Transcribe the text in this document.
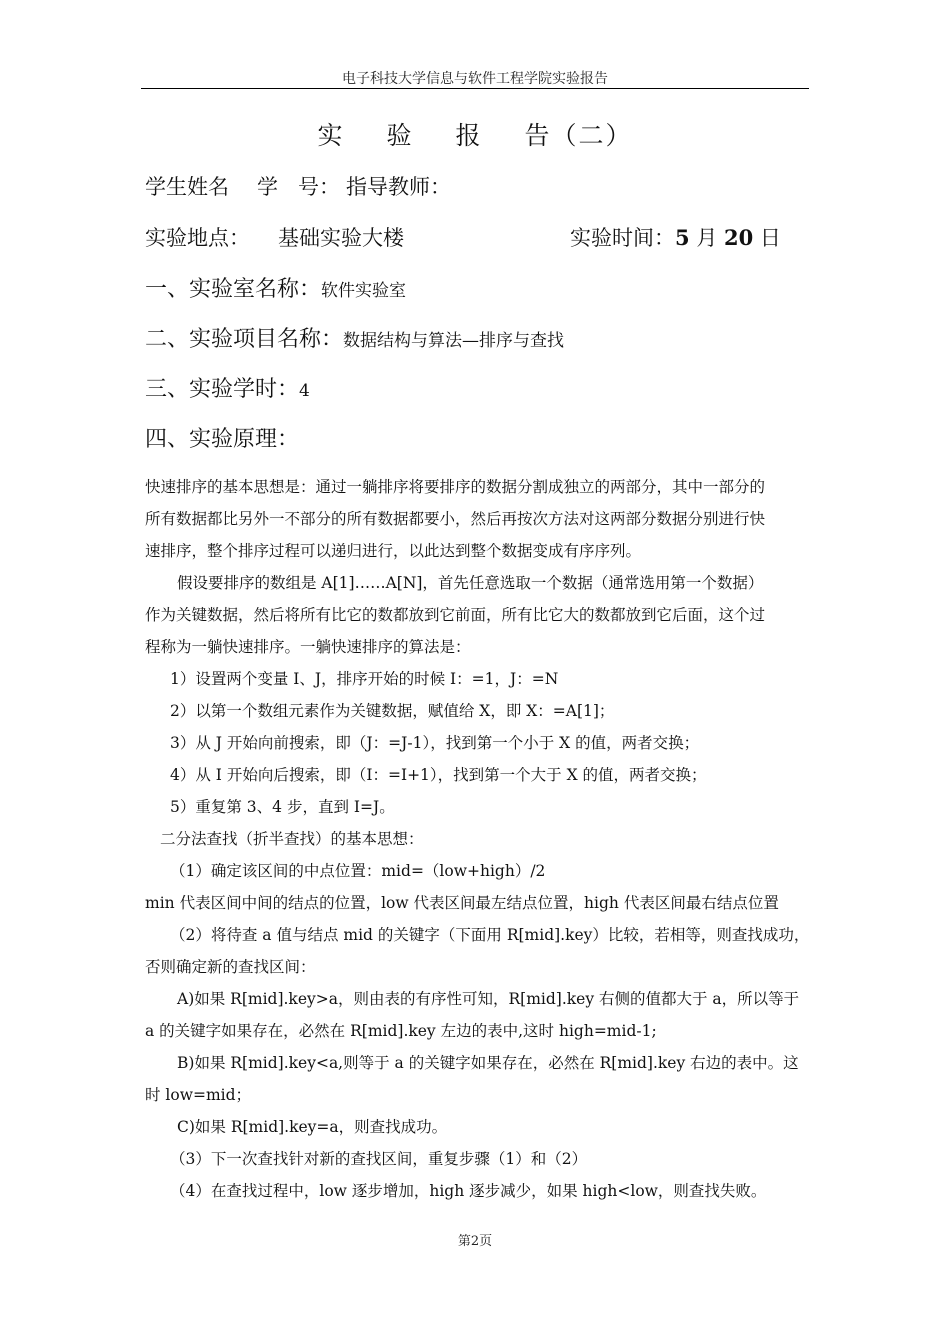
电子科技大学信息与软件工程学院实验报告
实 验 报 告（二）
学生姓名 学   号： 指导教师：
实验地点： 基础实验大楼	实验时间：5 月 20 日
一、实验室名称：软件实验室
二、实验项目名称：数据结构与算法—排序与查找
三、实验学时：4
四、实验原理：
快速排序的基本思想是：通过一躺排序将要排序的数据分割成独立的两部分，其中一部分的
所有数据都比另外一不部分的所有数据都要小，然后再按次方法对这两部分数据分别进行快
速排序，整个排序过程可以递归进行，以此达到整个数据变成有序序列。
假设要排序的数组是 A[1]……A[N]，首先任意选取一个数据（通常选用第一个数据）
作为关键数据，然后将所有比它的数都放到它前面，所有比它大的数都放到它后面，这个过
程称为一躺快速排序。一躺快速排序的算法是：
1）设置两个变量 I、J，排序开始的时候 I：=1，J：=N
2）以第一个数组元素作为关键数据，赋值给 X，即 X：=A[1]；
3）从 J 开始向前搜索，即（J：=J-1），找到第一个小于 X 的值，两者交换；
4）从 I 开始向后搜索，即（I：=I+1），找到第一个大于 X 的值，两者交换；
5）重复第 3、4 步，直到 I=J。
二分法查找（折半查找）的基本思想：
（1）确定该区间的中点位置：mid=（low+high）/2
min 代表区间中间的结点的位置，low 代表区间最左结点位置，high 代表区间最右结点位置
（2）将待查 a 值与结点 mid 的关键字（下面用 R[mid].key）比较，若相等，则查找成功，
否则确定新的查找区间：
A)如果 R[mid].key>a，则由表的有序性可知，R[mid].key 右侧的值都大于 a，所以等于
a 的关键字如果存在，必然在 R[mid].key 左边的表中,这时 high=mid-1;
B)如果 R[mid].key<a,则等于 a 的关键字如果存在，必然在 R[mid].key 右边的表中。这
时 low=mid；
C)如果 R[mid].key=a，则查找成功。
（3）下一次查找针对新的查找区间，重复步骤（1）和（2）
（4）在查找过程中，low 逐步增加，high 逐步减少，如果 high<low，则查找失败。
第2页
